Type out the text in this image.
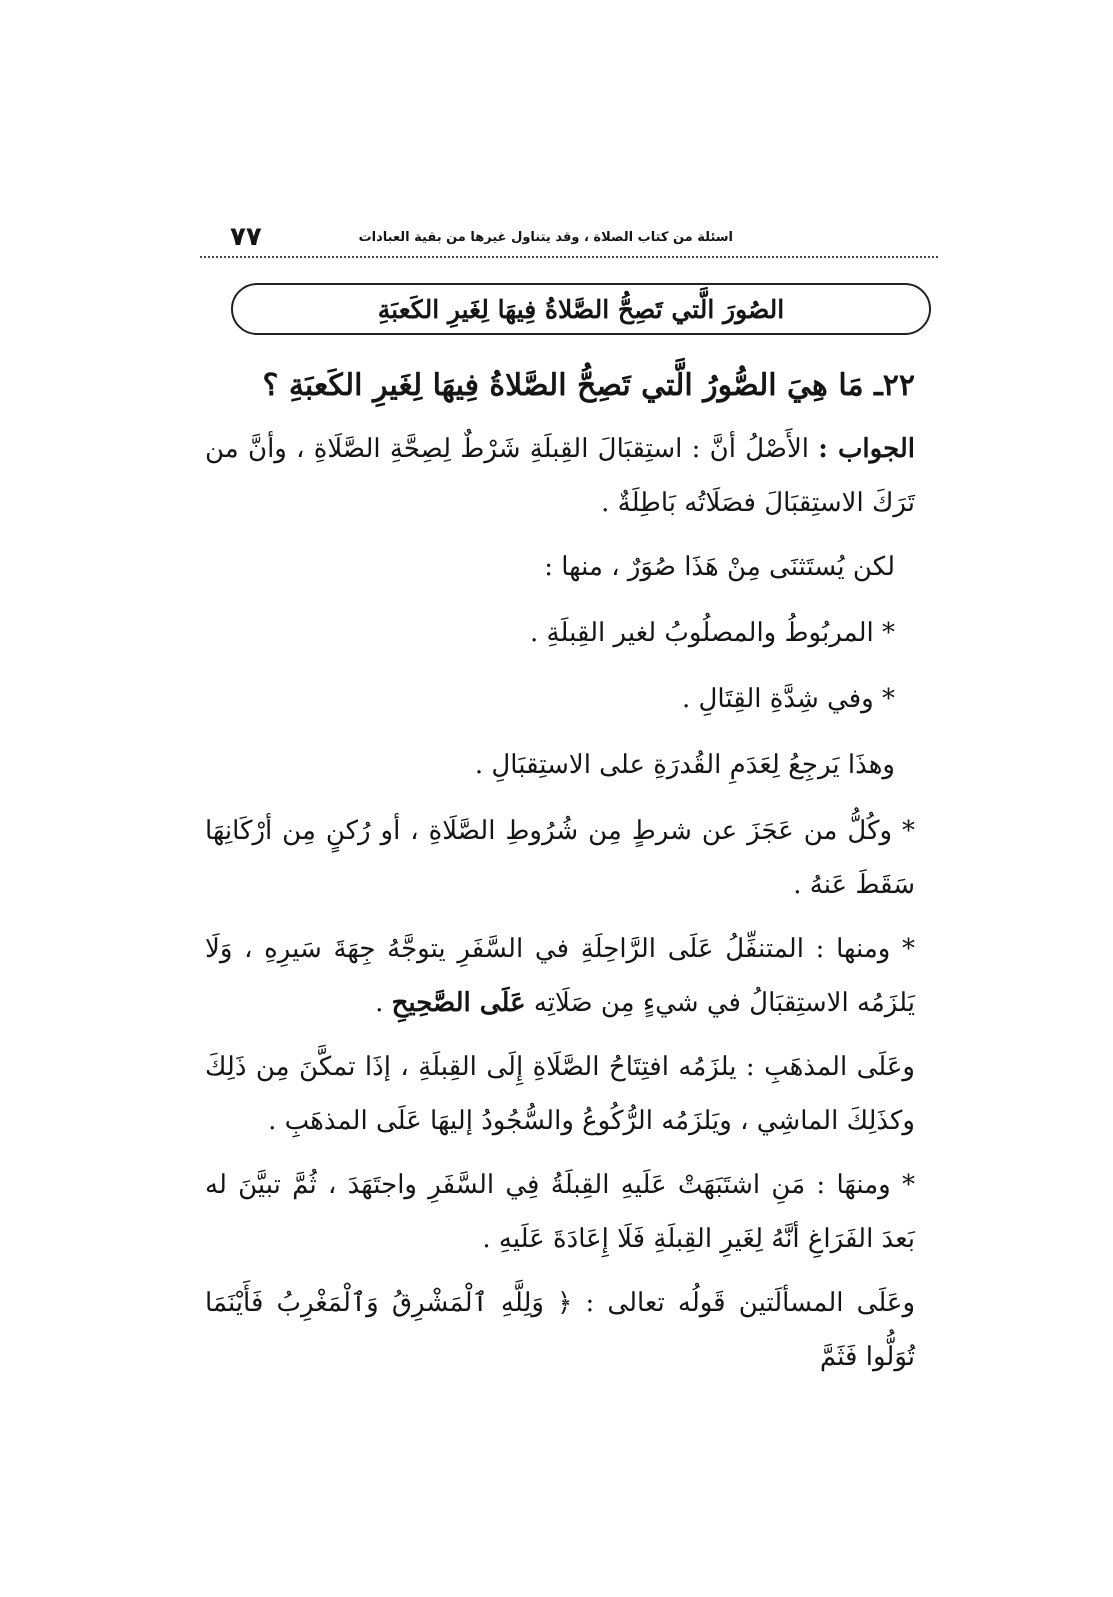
٧٧	اسئلة من كتاب الصلاة ، وقد يتناول غيرها من بقية العبادات
الصُورَ الَّتي تَصِحُّ الصَّلاةُ فِيهَا لِغَيرِ الكَعبَةِ
٢٢ـ مَا هِيَ الصُّورُ الَّتي تَصِحُّ الصَّلاةُ فِيهَا لِغَيرِ الكَعبَةِ ؟

الجواب : الأَصْلُ أنَّ : استِقبَالَ القِبلَةِ شَرْطٌ لِصِحَّةِ الصَّلَاةِ ، وأنَّ من تَرَكَ الاستِقبَالَ فصَلَاتُه بَاطِلَةٌ .

لكن يُستَثنَى مِنْ هَذَا صُوَرٌ ، منها :

* المربُوطُ والمصلُوبُ لغير القِبلَةِ .

* وفي شِدَّةِ القِتَالِ .

وهذَا يَرجِعُ لِعَدَمِ القُدرَةِ على الاستِقبَالِ .

* وكُلُّ من عَجَزَ عن شرطٍ مِن شُرُوطِ الصَّلَاةِ ، أو رُكنٍ مِن أرْكَانِهَا سَقَطَ عَنهُ .

* ومنها : المتنفِّلُ عَلَى الرَّاحِلَةِ في السَّفَرِ يتوجَّهُ جِهَةَ سَيرِهِ ، وَلَا يَلزَمُه الاستِقبَالُ في شيءٍ مِن صَلَاتِه عَلَى الصَّحِيحِ .

وعَلَى المذهَبِ : يلزَمُه افتِتَاحُ الصَّلَاةِ إِلَى القِبلَةِ ، إذَا تمكَّنَ مِن ذَلِكَ وكذَلِكَ الماشِي ، ويَلزَمُه الرُّكُوعُ والسُّجُودُ إليهَا عَلَى المذهَبِ .

* ومنهَا : مَنِ اشتَبَهَتْ عَلَيهِ القِبلَةُ فِي السَّفَرِ واجتَهَدَ ، ثُمَّ تبيَّنَ له بَعدَ الفَرَاغِ أنَّهُ لِغَيرِ القِبلَةِ فَلَا إِعَادَةَ عَلَيهِ .

وعَلَى المسألَتين قَولُه تعالى : ﴿ وَلِلَّهِ ٱلْمَشْرِقُ وَٱلْمَغْرِبُ فَأَيْنَمَا تُوَلُّوا فَثَمَّ
